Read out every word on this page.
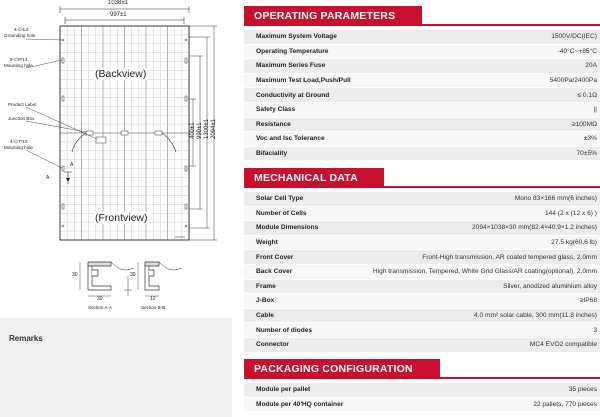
1038±1
997±1
4-∅4.3
Grounding hole
8-∅9*14
Mounting hole
Product Label
Junction Box
4-∅7*10
Mounting hole
A
A
(Backview)
(Frontview)
400±1 990±1 1300±1 2094±1
30
30
Section A-A
30
12
Section B-B
Remarks
OPERATING PARAMETERS
Maximum System Voltage	1500V/DC(IEC)
Operating Temperature	-40°C~+85°C
Maximum Series Fuse	20A
Maximum Test Load,Push/Pull	5400Pa/2400Pa
Conductivity at Ground	≤ 0.1Ω
Safety Class	||
Resistance	≥100MΩ
Voc and Isc Tolerance	±3%
Bifaciality	70±5%
MECHANICAL DATA
Solar Cell Type	Mono 83×166 mm(6 inches)
Number of Cells	144 (2 x (12 x 6) )
Module Dimensions	2094×1038×30 mm(82.4×40.9×1.2 inches)
Weight	27.5 kg(60.6 lb)
Front Cover	Front-High transmission, AR coated tempered glass, 2.0mm
Back Cover	High transmission, Tempered, White Grid Glass/AR coating(optional), 2.0mm
Frame	Silver, anodized aluminium alloy
J-Box	≥IP68
Cable	4.0 mm² solar cable, 300 mm(11.8 inches)
Number of diodes	3
Connector	MC4 EVO2 compatible
PACKAGING CONFIGURATION
Module per pallet	35 pieces
Module per 40'HQ container	22 pallets, 770 pieces
